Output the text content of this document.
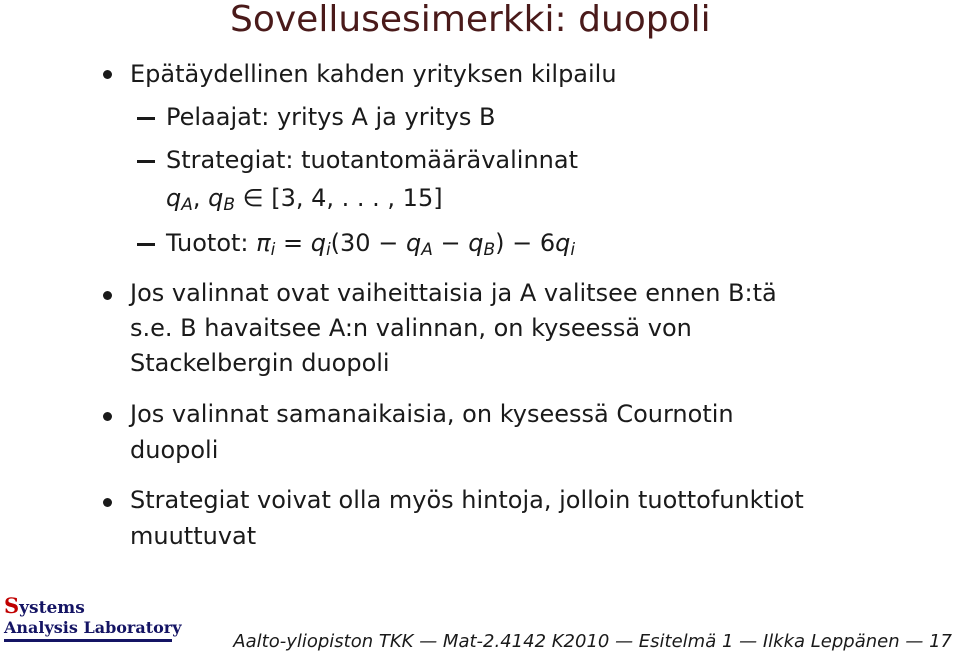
Sovellusesimerkki: duopoli
Epätäydellinen kahden yrityksen kilpailu
Pelaajat: yritys A ja yritys B
Strategiat: tuotantomäärävalinnat
$q_A$, $q_B$ ∈ [3, 4, . . . , 15]
Tuotot: $\pi_i = q_i(30 - q_A - q_B) - 6q_i$
Jos valinnat ovat vaiheittaisia ja A valitsee ennen B:tä
s.e. B havaitsee A:n valinnan, on kyseessä von
Stackelbergin duopoli
Jos valinnat samanaikaisia, on kyseessä Cournotin
duopoli
Strategiat voivat olla myös hintoja, jolloin tuottofunktiot
muuttuvat
Systems
Analysis Laboratory
Aalto-yliopiston TKK — Mat-2.4142 K2010 — Esitelmä 1 — Ilkka Leppänen — 17
